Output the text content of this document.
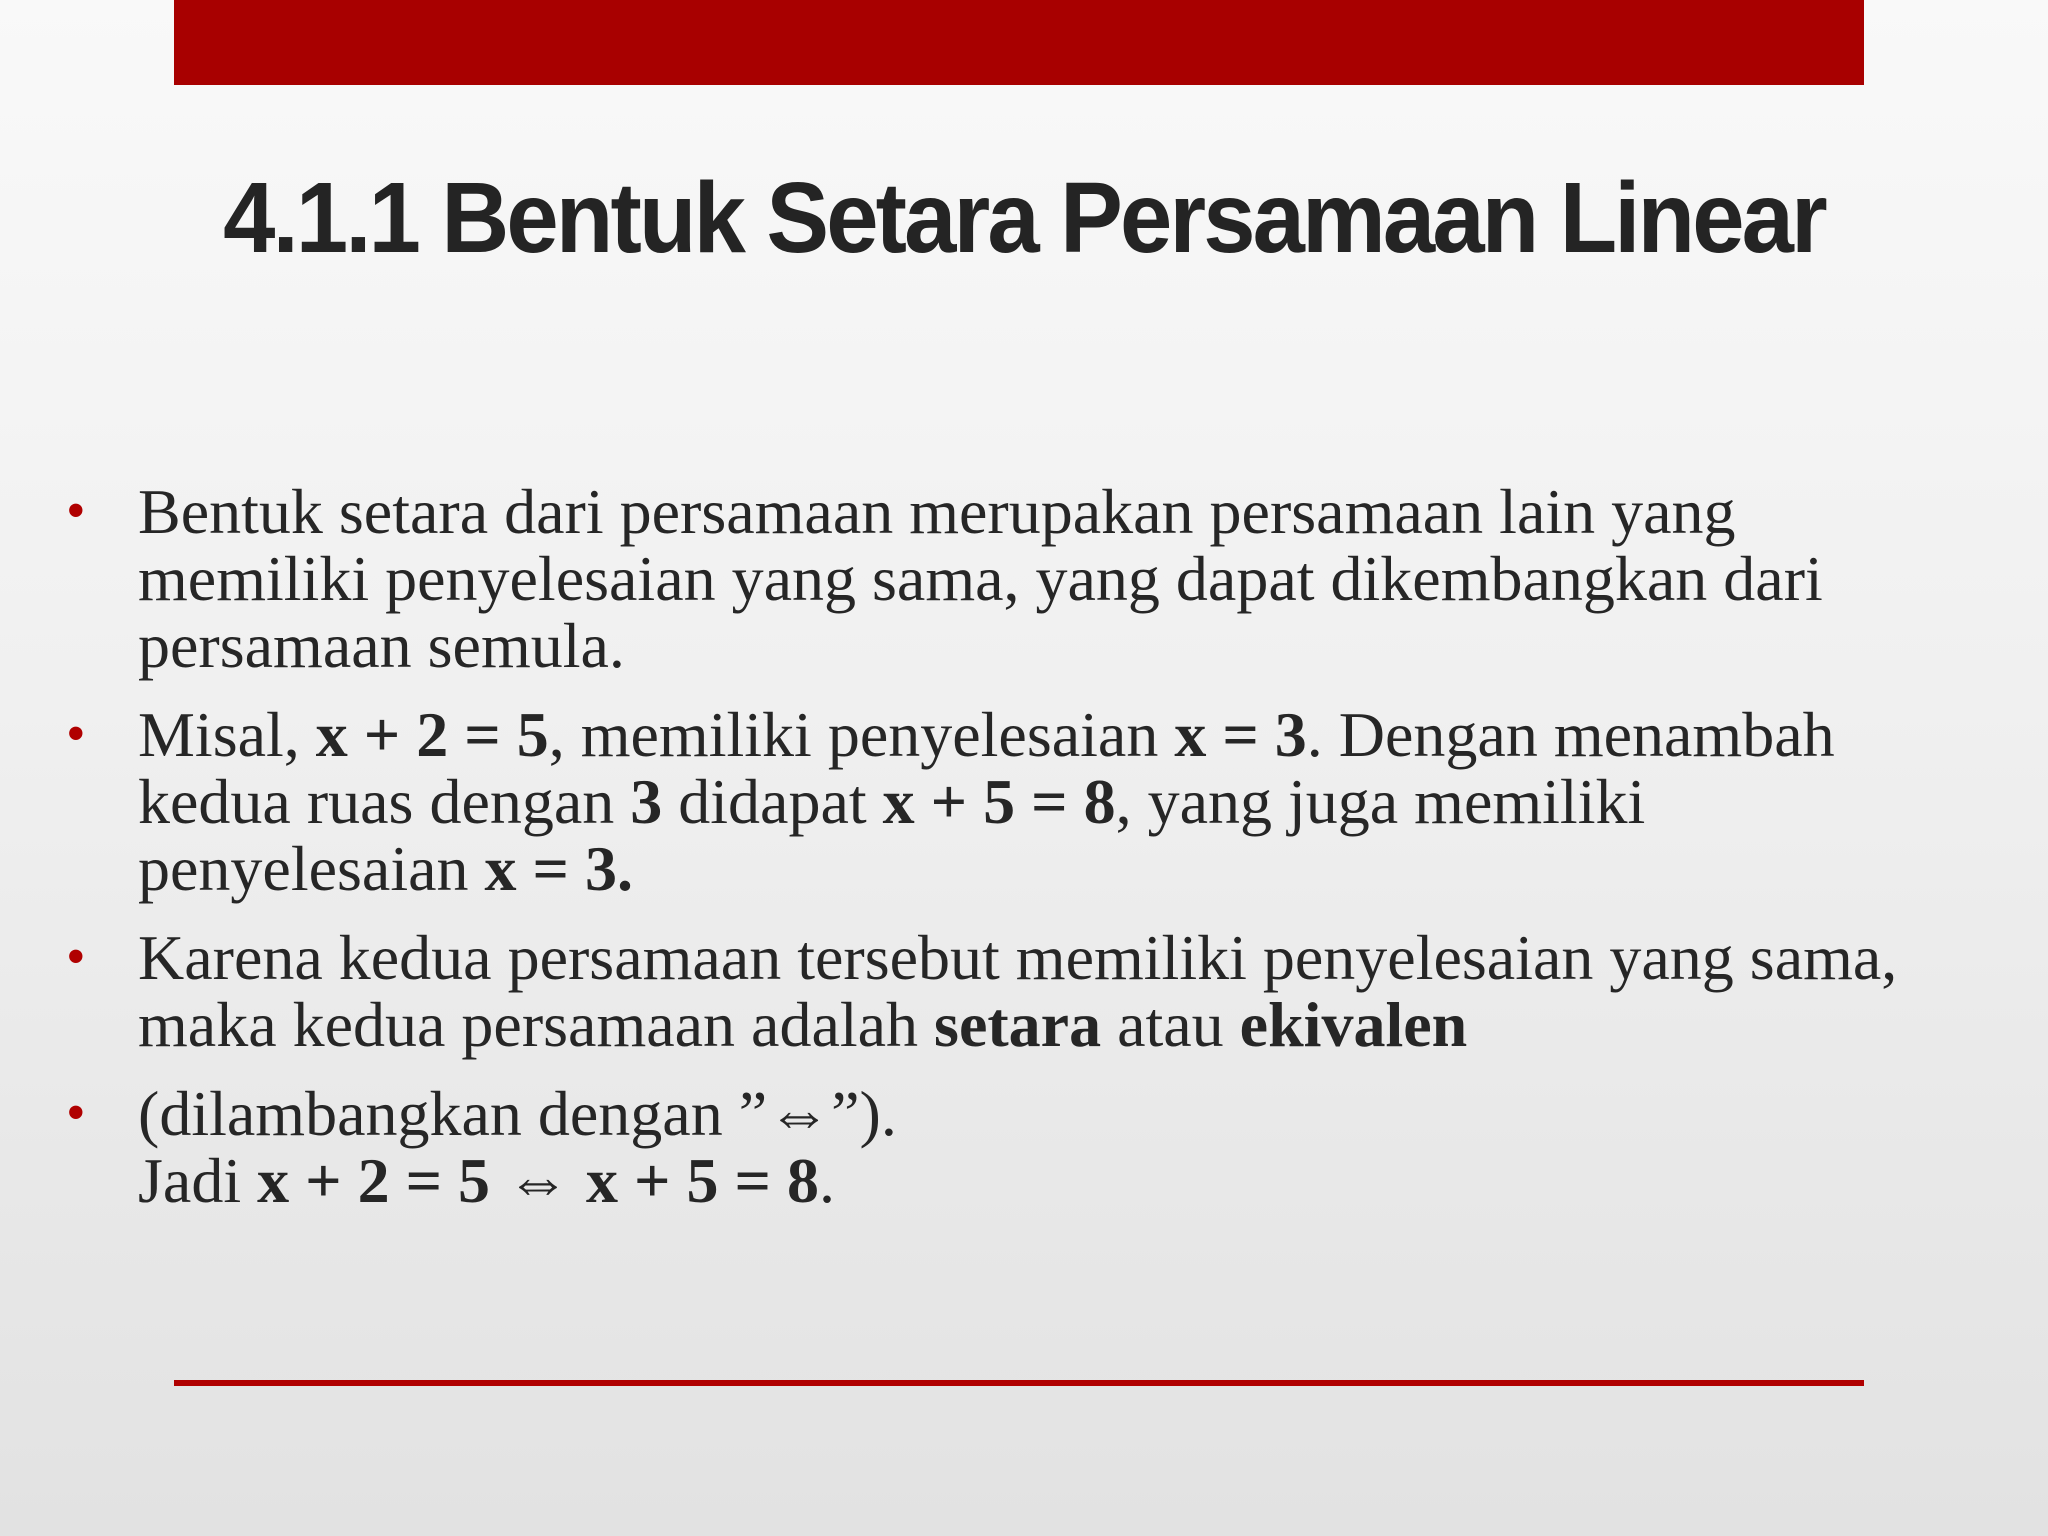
4.1.1 Bentuk Setara Persamaan Linear
• Bentuk setara dari persamaan merupakan persamaan lain yang memiliki penyelesaian yang sama, yang dapat dikembangkan dari persamaan semula.
• Misal, x + 2 = 5, memiliki penyelesaian x = 3. Dengan menambah kedua ruas dengan 3 didapat x + 5 = 8, yang juga memiliki penyelesaian x = 3.
• Karena kedua persamaan tersebut memiliki penyelesaian yang sama, maka kedua persamaan adalah setara atau ekivalen
• (dilambangkan dengan ”⇔”).
Jadi x + 2 = 5 ⇔ x + 5 = 8.
